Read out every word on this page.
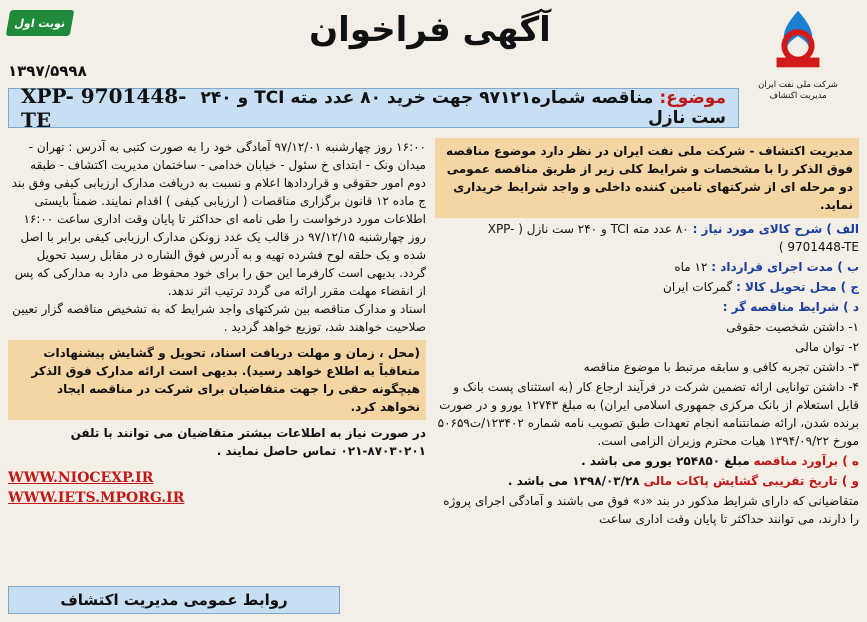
شرکت ملی نفت ایران
مدیریت اکتشاف
آگهی فراخوان
نوبت اول
۱۳۹۷/۵۹۹۸
XPP- 9701448-TE
موضوع: مناقصه شماره۹۷۱۲۱ جهت خرید ۸۰ عدد مته TCI و ۲۴۰ ست نازل
مدیریت اکتشاف - شرکت ملی نفت ایران در نظر دارد موضوع مناقصه فوق الذکر را با مشخصات و شرایط کلی زیر از طریق مناقصه عمومی دو مرحله ای از شرکتهای تامین کننده داخلی و واجد شرایط خریداری نماید.
الف ) شرح کالای مورد نیاز : ۸۰ عدد مته TCI و ۲۴۰ ست نازل ( XPP- 9701448-TE )
ب ) مدت اجرای قرارداد : ۱۲ ماه
ج ) محل تحویل کالا : گمرکات ایران
د ) شرایط مناقصه گر :
۱- داشتن شخصیت حقوقی
۲- توان مالی
۳- داشتن تجربه کافی و سابقه مرتبط با موضوع مناقصه
۴- داشتن توانایی ارائه تضمین شرکت در فرآیند ارجاع کار (به استثنای پست بانک و قابل استعلام از بانک مرکزی جمهوری اسلامی ایران) به مبلغ ۱۲۷۴۳ یورو و در صورت برنده شدن، ارائه ضمانتنامه انجام تعهدات طبق تصویب نامه شماره ۱۲۳۴۰۲/ت۵۰۶۵۹ مورخ ۱۳۹۴/۰۹/۲۲ هیات محترم وزیران الزامی است.
ه ) برآورد مناقصه مبلغ ۲۵۴۸۵۰ یورو می باشد .
و ) تاریخ تقریبی گشایش پاکات مالی ۱۳۹۸/۰۳/۲۸ می باشد .
متقاضیانی که دارای شرایط مذکور در بند «د» فوق می باشند و آمادگی اجرای پروژه را دارند، می توانند حداکثر تا پایان وقت اداری ساعت
۱۶:۰۰ روز چهارشنبه ۹۷/۱۲/۰۱ آمادگی خود را به صورت کتبی به آدرس : تهران - میدان ونک - ابتدای خ سئول - خیابان خدامی - ساختمان مدیریت اکتشاف - طبقه دوم امور حقوقی و قراردادها اعلام و نسبت به دریافت مدارک ارزیابی کیفی وفق بند ج ماده ۱۲ قانون برگزاری مناقصات ( ارزیابی کیفی ) اقدام نمایند. ضمناً بایستی اطلاعات مورد درخواست را طی نامه ای حداکثر تا پایان وقت اداری ساعت ۱۶:۰۰ روز چهارشنبه ۹۷/۱۲/۱۵ در قالب یک عدد زونکن مدارک ارزیابی کیفی برابر با اصل شده و یک حلقه لوح فشرده تهیه و به آدرس فوق الشاره در مقابل رسید تحویل گردد. بدیهی است کارفرما این حق را برای خود محفوظ می دارد به مدارکی که پس از انقضاء مهلت مقرر ارائه می گردد ترتیب اثر ندهد.
اسناد و مدارک مناقصه بین شرکتهای واجد شرایط که به تشخیص مناقصه گزار تعیین صلاحیت خواهند شد، توزیع خواهد گردید .
(محل ، زمان و مهلت دریافت اسناد، تحویل و گشایش پیشنهادات متعاقباً به اطلاع خواهد رسید). بدیهی است ارائه مدارک فوق الذکر هیچگونه حقی را جهت متقاضیان برای شرکت در مناقصه ایجاد نخواهد کرد.
در صورت نیاز به اطلاعات بیشتر متقاضیان می توانند با تلفن ۸۷۰۳۰۲۰۱-۰۲۱ تماس حاصل نمایند .
WWW.NIOCEXP.IR
WWW.IETS.MPORG.IR
روابط عمومی مدیریت اکتشاف
